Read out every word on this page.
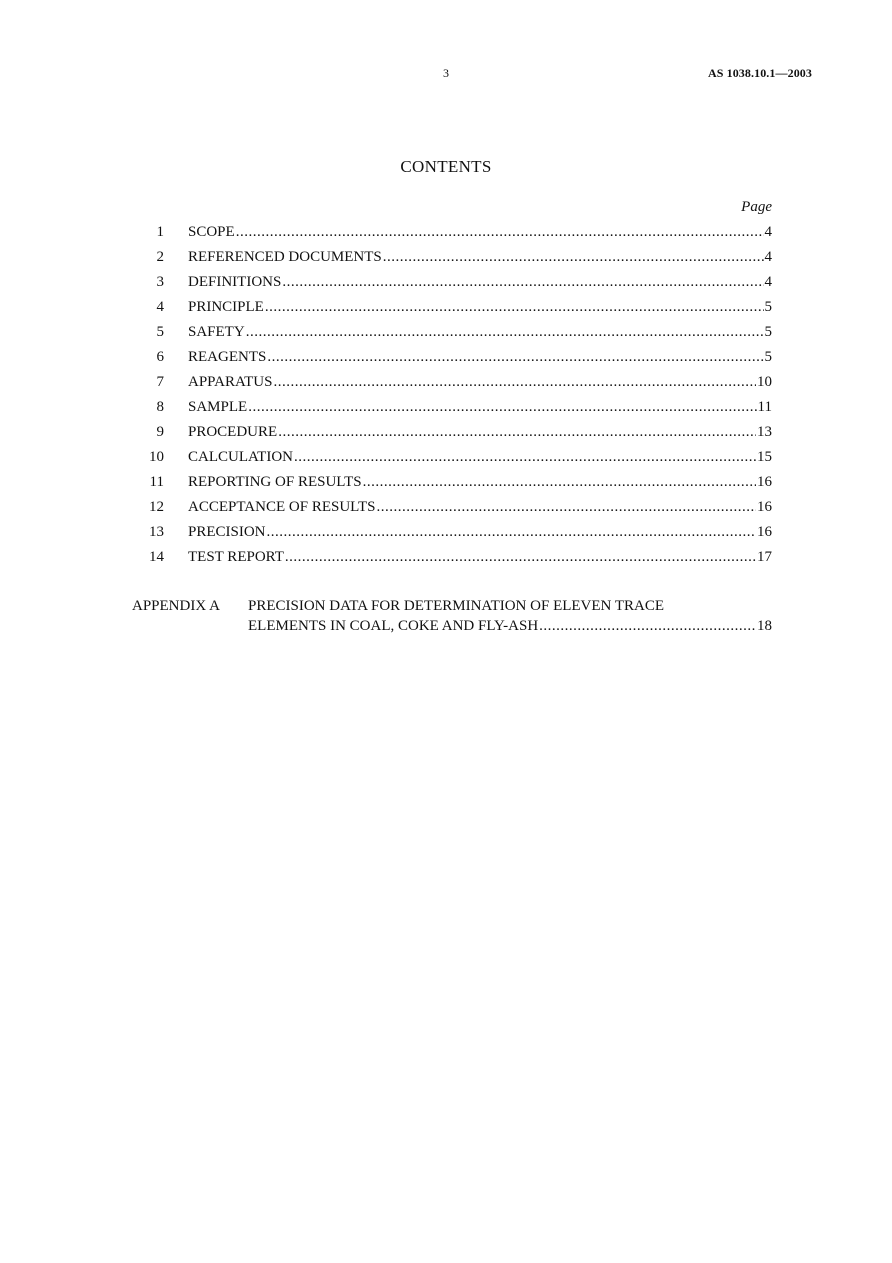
3	AS 1038.10.1—2003
CONTENTS
Page
1 SCOPE .....	4
2 REFERENCED DOCUMENTS .....	4
3 DEFINITIONS .....	4
4 PRINCIPLE .....	5
5 SAFETY .....	5
6 REAGENTS .....	5
7 APPARATUS .....	10
8 SAMPLE .....	11
9 PROCEDURE .....	13
10 CALCULATION .....	15
11 REPORTING OF RESULTS .....	16
12 ACCEPTANCE OF RESULTS .....	16
13 PRECISION .....	16
14 TEST REPORT .....	17
APPENDIX A	PRECISION DATA FOR DETERMINATION OF ELEVEN TRACE
ELEMENTS IN COAL, COKE AND FLY-ASH .....	18
